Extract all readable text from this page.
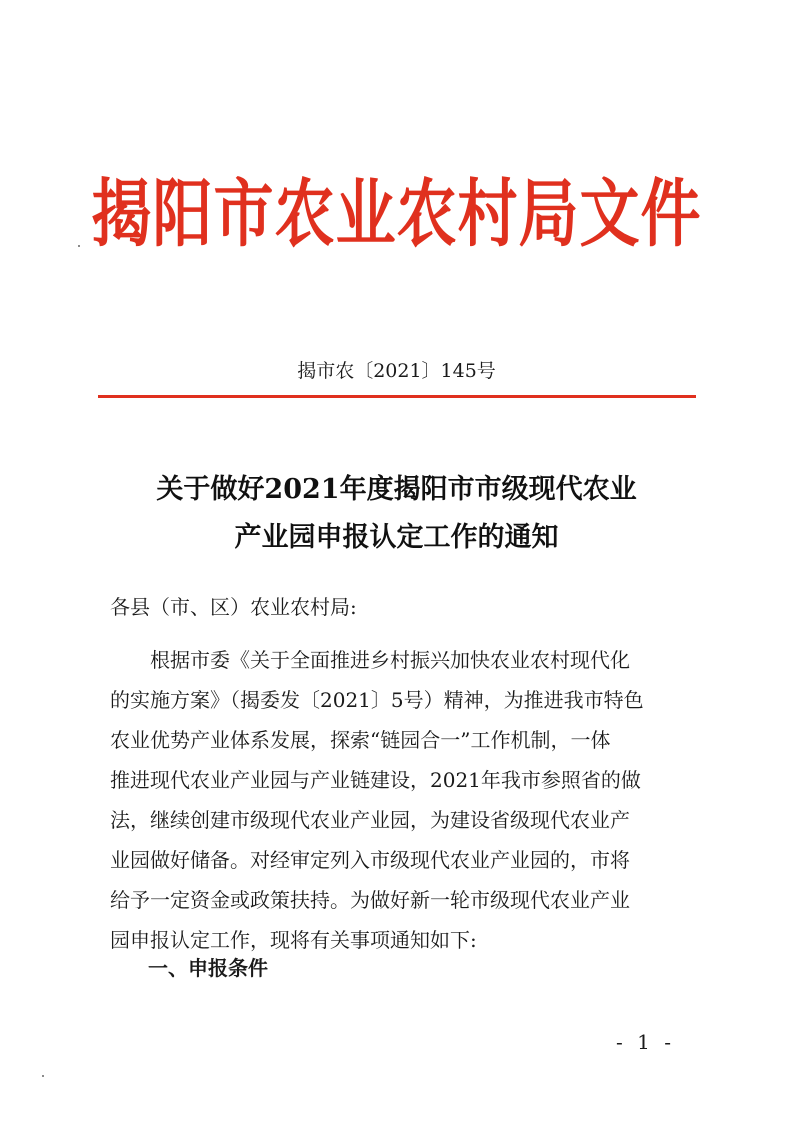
揭阳市农业农村局文件
揭市农〔2021〕145号
关于做好2021年度揭阳市市级现代农业
产业园申报认定工作的通知
各县（市、区）农业农村局:
根据市委《关于全面推进乡村振兴加快农业农村现代化
的实施方案》（揭委发〔2021〕5号）精神，为推进我市特色
农业优势产业体系发展，探索“链园合一”工作机制，一体
推进现代农业产业园与产业链建设，2021年我市参照省的做
法，继续创建市级现代农业产业园，为建设省级现代农业产
业园做好储备。对经审定列入市级现代农业产业园的，市将
给予一定资金或政策扶持。为做好新一轮市级现代农业产业
园申报认定工作，现将有关事项通知如下:
一、申报条件
- 1 -
